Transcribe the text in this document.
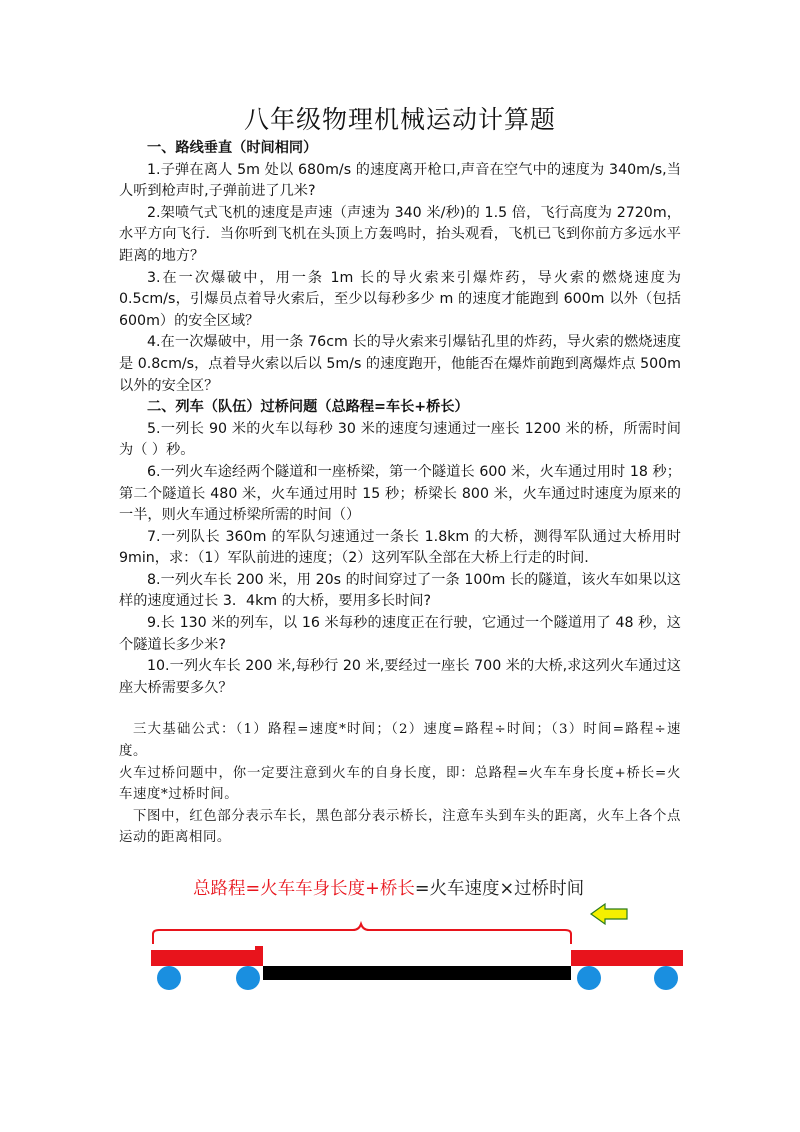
八年级物理机械运动计算题

一、路线垂直（时间相同）

1.子弹在离人 5m 处以 680m/s 的速度离开枪口,声音在空气中的速度为 340m/s,当人听到枪声时,子弹前进了几米?

2.架喷气式飞机的速度是声速（声速为 340 米/秒)的 1.5 倍，飞行高度为 2720m，水平方向飞行．当你听到飞机在头顶上方轰鸣时，抬头观看，飞机已飞到你前方多远水平距离的地方？

3.在一次爆破中，用一条 1m 长的导火索来引爆炸药，导火索的燃烧速度为 0.5cm/s，引爆员点着导火索后，至少以每秒多少 m 的速度才能跑到 600m 以外（包括 600m）的安全区域？

4.在一次爆破中，用一条 76cm 长的导火索来引爆钻孔里的炸药，导火索的燃烧速度是 0.8cm/s，点着导火索以后以 5m/s 的速度跑开，他能否在爆炸前跑到离爆炸点 500m 以外的安全区？

二、列车（队伍）过桥问题（总路程=车长+桥长）

5.一列长 90 米的火车以每秒 30 米的速度匀速通过一座长 1200 米的桥，所需时间为（ ）秒。

6.一列火车途经两个隧道和一座桥梁，第一个隧道长 600 米，火车通过用时 18 秒；第二个隧道长 480 米，火车通过用时 15 秒；桥梁长 800 米，火车通过时速度为原来的一半，则火车通过桥梁所需的时间（）

7.一列队长 360m 的军队匀速通过一条长 1.8km 的大桥，测得军队通过大桥用时 9min，求：（1）军队前进的速度；（2）这列军队全部在大桥上行走的时间.

8.一列火车长 200 米，用 20s 的时间穿过了一条 100m 长的隧道，该火车如果以这样的速度通过长 3．4km 的大桥，要用多长时间?

9.长 130 米的列车，以 16 米每秒的速度正在行驶，它通过一个隧道用了 48 秒，这个隧道长多少米?

10.一列火车长 200 米,每秒行 20 米,要经过一座长 700 米的大桥,求这列火车通过这座大桥需要多久？

三大基础公式：（1）路程=速度*时间；（2）速度=路程÷时间；（3）时间=路程÷速度。

火车过桥问题中，你一定要注意到火车的自身长度，即：总路程=火车车身长度+桥长=火车速度*过桥时间。

下图中，红色部分表示车长，黑色部分表示桥长，注意车头到车头的距离，火车上各个点运动的距离相同。

总路程=火车车身长度+桥长=火车速度×过桥时间
